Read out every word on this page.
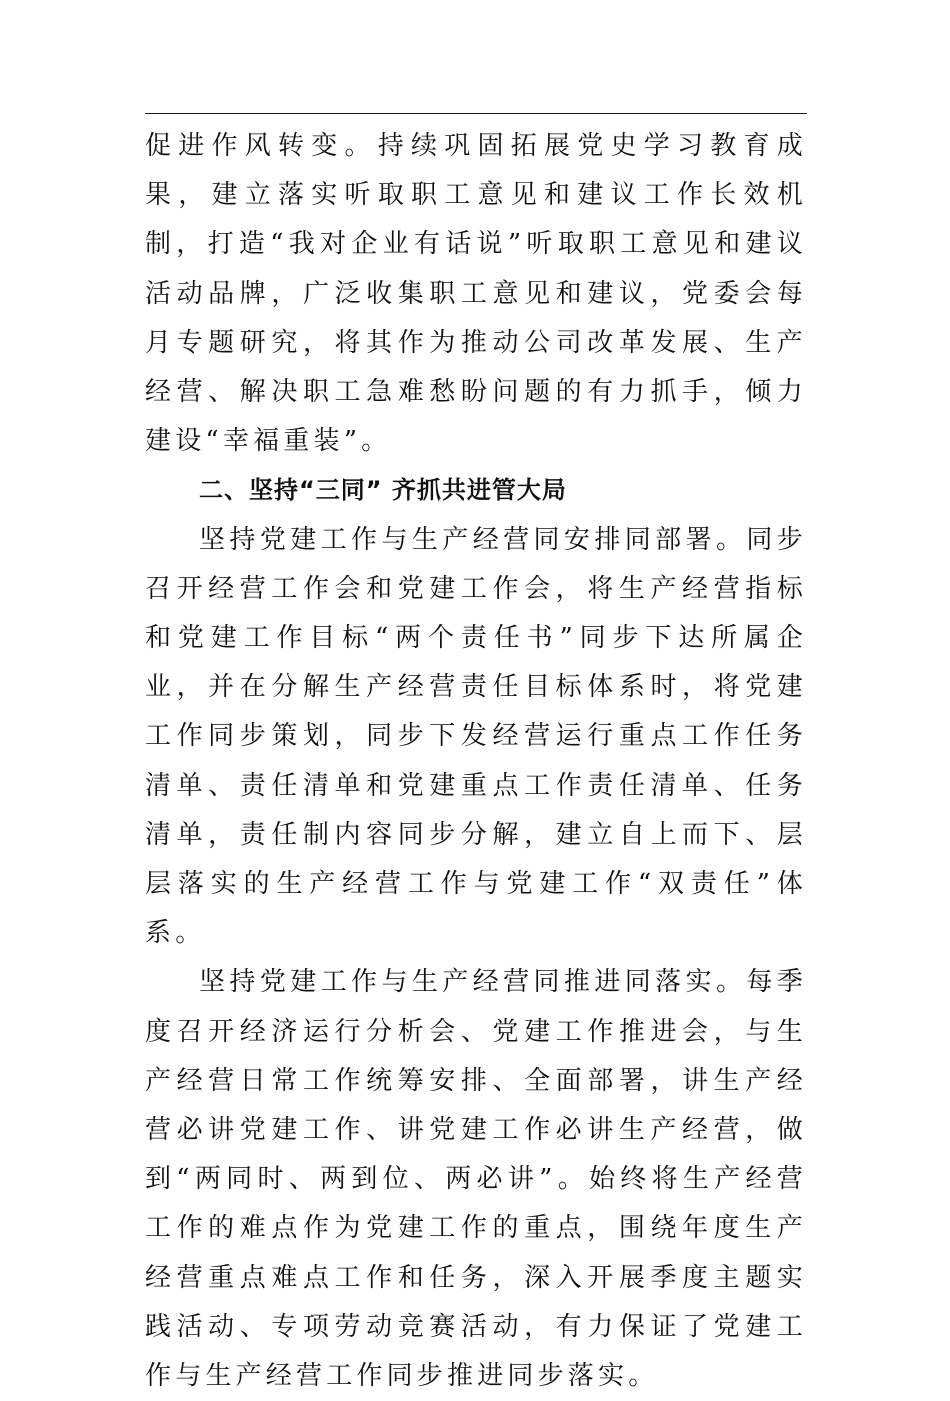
促进作风转变。持续巩固拓展党史学习教育成果，建立落实听取职工意见和建议工作长效机制，打造“我对企业有话说”听取职工意见和建议活动品牌，广泛收集职工意见和建议，党委会每月专题研究，将其作为推动公司改革发展、生产经营、解决职工急难愁盼问题的有力抓手，倾力建设“幸福重装”。

二、坚持“三同” 齐抓共进管大局

坚持党建工作与生产经营同安排同部署。同步召开经营工作会和党建工作会，将生产经营指标和党建工作目标“两个责任书”同步下达所属企业，并在分解生产经营责任目标体系时，将党建工作同步策划，同步下发经营运行重点工作任务清单、责任清单和党建重点工作责任清单、任务清单，责任制内容同步分解，建立自上而下、层层落实的生产经营工作与党建工作“双责任”体系。

坚持党建工作与生产经营同推进同落实。每季度召开经济运行分析会、党建工作推进会，与生产经营日常工作统筹安排、全面部署，讲生产经营必讲党建工作、讲党建工作必讲生产经营，做到“两同时、两到位、两必讲”。始终将生产经营工作的难点作为党建工作的重点，围绕年度生产经营重点难点工作和任务，深入开展季度主题实践活动、专项劳动竞赛活动，有力保证了党建工作与生产经营工作同步推进同步落实。
